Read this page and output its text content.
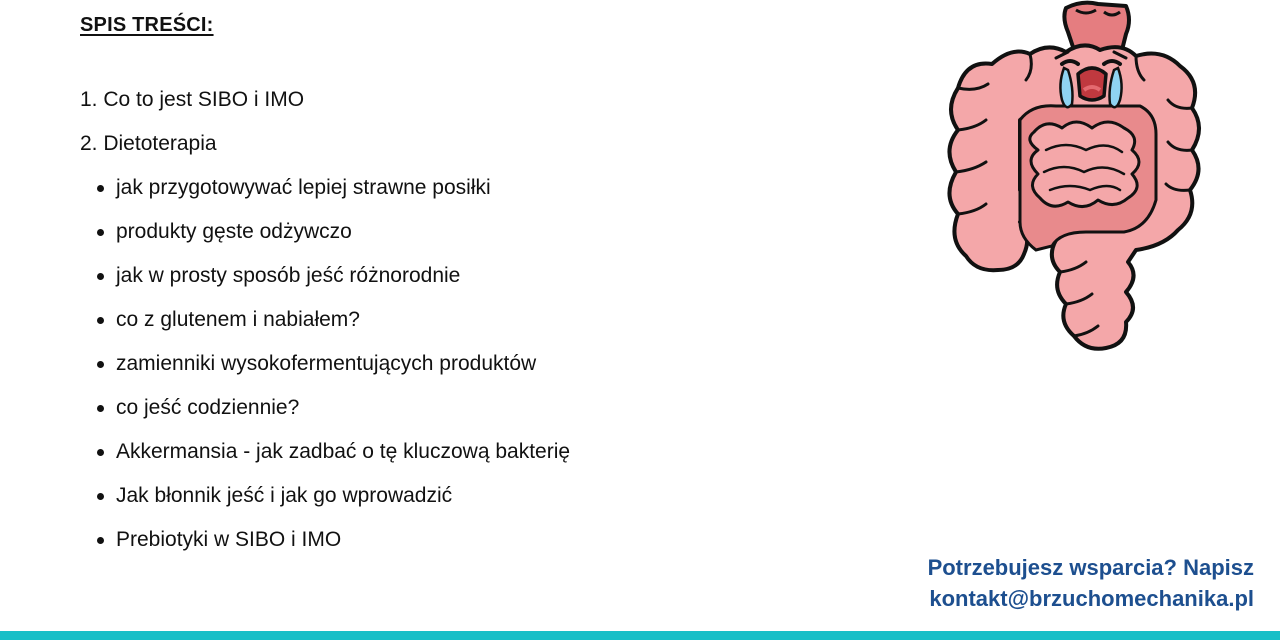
SPIS TREŚCI:
1. Co to jest SIBO i IMO
2. Dietoterapia
jak przygotowywać lepiej strawne posiłki
produkty gęste odżywczo
jak w prosty sposób jeść różnorodnie
co z glutenem i nabiałem?
zamienniki wysokofermentujących produktów
co jeść codziennie?
Akkermansia - jak zadbać o tę kluczową bakterię
Jak błonnik jeść i jak go wprowadzić
Prebiotyki w SIBO i IMO
Potrzebujesz wsparcia? Napisz
kontakt@brzuchomechanika.pl
